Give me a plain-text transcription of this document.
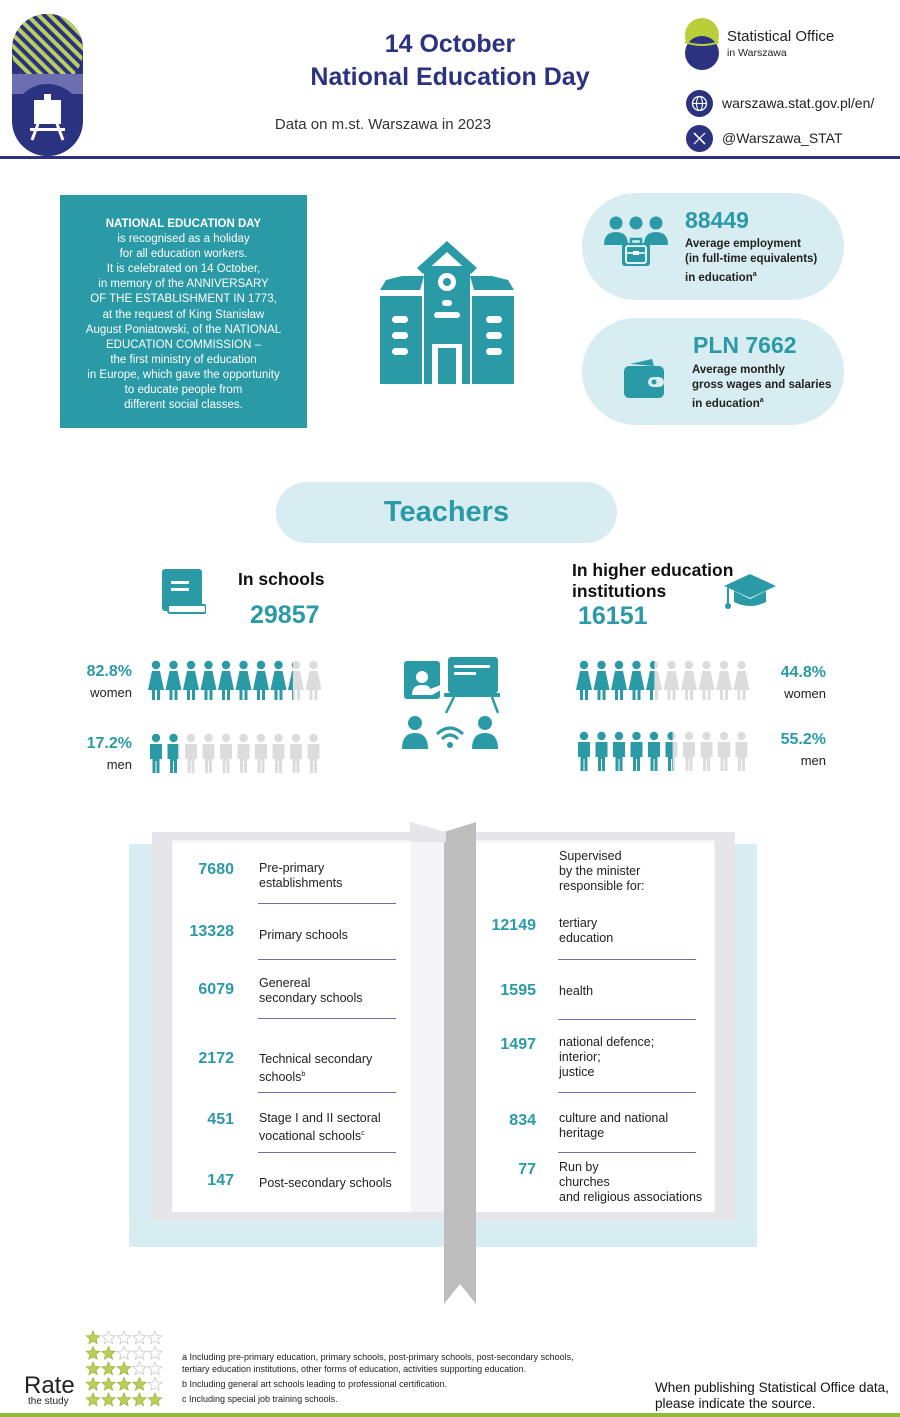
14 October
National Education Day
Data on m.st. Warszawa in 2023
Statistical Office
in Warszawa
warszawa.stat.gov.pl/en/
@Warszawa_STAT
NATIONAL EDUCATION DAY
is recognised as a holiday
for all education workers.
It is celebrated on 14 October,
in memory of the ANNIVERSARY
OF THE ESTABLISHMENT IN 1773,
at the request of King Stanisław
August Poniatowski, of the NATIONAL
EDUCATION COMMISSION –
the first ministry of education
in Europe, which gave the opportunity
to educate people from
different social classes.
88449
Average employment
(in full-time equivalents)
in education$^a$
PLN 7662
Average monthly
gross wages and salaries
in education$^a$
Teachers
In schools
29857
In higher education
institutions
16151
82.8%
women
17.2%
men
44.8%
women
55.2%
men
7680 Pre-primary
establishments
13328 Primary schools
6079 Genereal
secondary schools
2172 Technical secondary
schools$^b$
451 Stage I and II sectoral
vocational schools$^c$
147 Post-secondary schools
Supervised
by the minister
responsible for:
12149 tertiary
education
1595 health
1497 national defence;
interior;
justice
834 culture and national
heritage
77 Run by
churches
and religious associations
Rate
the study
a Including pre-primary education, primary schools, post-primary schools, post-secondary schools,
tertiary education institutions, other forms of education, activities supporting education.
b Including general art schools leading to professional certification.
c Including special job training schools.
When publishing Statistical Office data,
please indicate the source.
